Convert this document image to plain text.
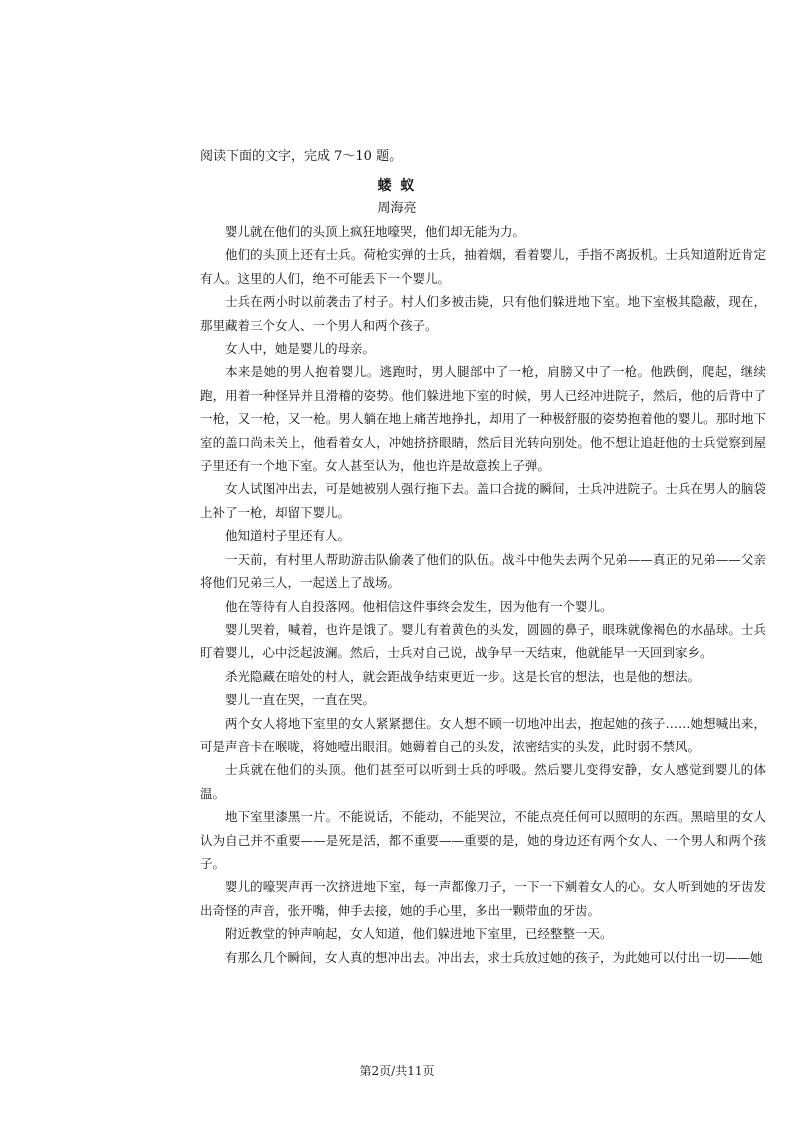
阅读下面的文字，完成 7～10 题。
蝼 蚁
周海亮

婴儿就在他们的头顶上疯狂地嚎哭，他们却无能为力。

他们的头顶上还有士兵。荷枪实弹的士兵，抽着烟，看着婴儿，手指不离扳机。士兵知道附近肯定有人。这里的人们，绝不可能丢下一个婴儿。

士兵在两小时以前袭击了村子。村人们多被击毙，只有他们躲进地下室。地下室极其隐蔽，现在，那里藏着三个女人、一个男人和两个孩子。

女人中，她是婴儿的母亲。

本来是她的男人抱着婴儿。逃跑时，男人腿部中了一枪，肩膀又中了一枪。他跌倒，爬起，继续跑，用着一种怪异并且滑稽的姿势。他们躲进地下室的时候，男人已经冲进院子，然后，他的后背中了一枪，又一枪，又一枪。男人躺在地上痛苦地挣扎，却用了一种极舒服的姿势抱着他的婴儿。那时地下室的盖口尚未关上，他看着女人，冲她挤挤眼睛，然后目光转向别处。他不想让追赶他的士兵觉察到屋子里还有一个地下室。女人甚至认为，他也许是故意挨上子弹。

女人试图冲出去，可是她被别人强行拖下去。盖口合拢的瞬间，士兵冲进院子。士兵在男人的脑袋上补了一枪，却留下婴儿。

他知道村子里还有人。

一天前，有村里人帮助游击队偷袭了他们的队伍。战斗中他失去两个兄弟——真正的兄弟——父亲将他们兄弟三人，一起送上了战场。

他在等待有人自投落网。他相信这件事终会发生，因为他有一个婴儿。

婴儿哭着，喊着，也许是饿了。婴儿有着黄色的头发，圆圆的鼻子，眼珠就像褐色的水晶球。士兵盯着婴儿，心中泛起波澜。然后，士兵对自己说，战争早一天结束，他就能早一天回到家乡。

杀光隐藏在暗处的村人，就会距战争结束更近一步。这是长官的想法，也是他的想法。

婴儿一直在哭，一直在哭。

两个女人将地下室里的女人紧紧摁住。女人想不顾一切地冲出去，抱起她的孩子……她想喊出来，可是声音卡在喉咙，将她噎出眼泪。她薅着自己的头发，浓密结实的头发，此时弱不禁风。

士兵就在他们的头顶。他们甚至可以听到士兵的呼吸。然后婴儿变得安静，女人感觉到婴儿的体温。

地下室里漆黑一片。不能说话，不能动，不能哭泣，不能点亮任何可以照明的东西。黑暗里的女人认为自己并不重要——是死是活，都不重要——重要的是，她的身边还有两个女人、一个男人和两个孩子。

婴儿的嚎哭声再一次挤进地下室，每一声都像刀子，一下一下剜着女人的心。女人听到她的牙齿发出奇怪的声音，张开嘴，伸手去接，她的手心里，多出一颗带血的牙齿。

附近教堂的钟声响起，女人知道，他们躲进地下室里，已经整整一天。

有那么几个瞬间，女人真的想冲出去。冲出去，求士兵放过她的孩子，为此她可以付出一切——她

第2页/共11页
